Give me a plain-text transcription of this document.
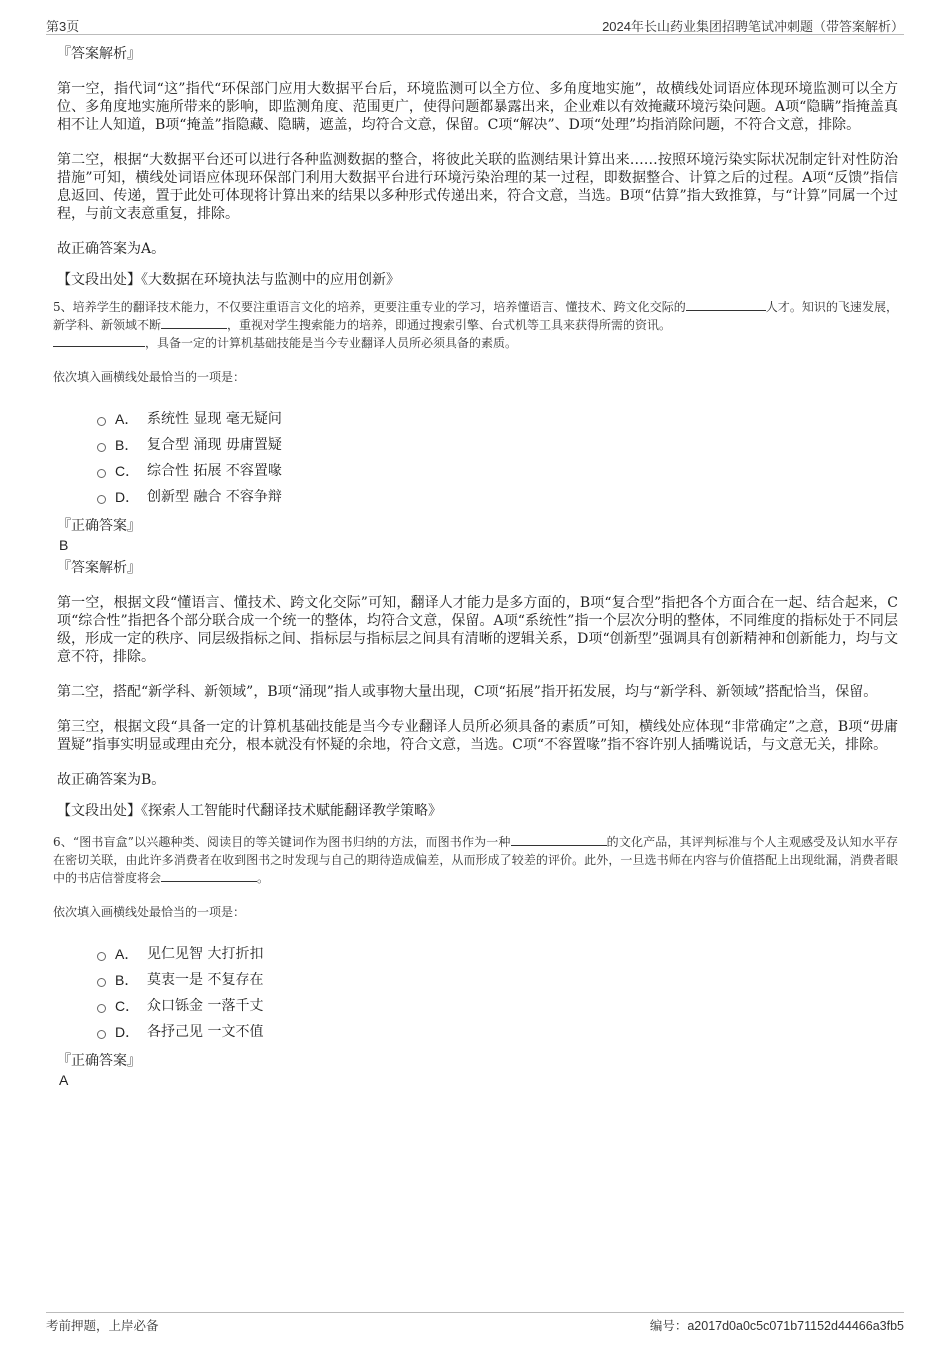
第3页	2024年长山药业集团招聘笔试冲刺题（带答案解析）
『答案解析』

第一空，指代词“这”指代“环保部门应用大数据平台后，环境监测可以全方位、多角度地实施”，故横线处词语应体现环境监测可以全方位、多角度地实施所带来的影响，即监测角度、范围更广，使得问题都暴露出来，企业难以有效掩藏环境污染问题。A项“隐瞒”指掩盖真相不让人知道，B项“掩盖”指隐藏、隐瞒，遮盖，均符合文意，保留。C项“解决”、D项“处理”均指消除问题，不符合文意，排除。

第二空，根据“大数据平台还可以进行各种监测数据的整合，将彼此关联的监测结果计算出来……按照环境污染实际状况制定针对性防治措施”可知，横线处词语应体现环保部门利用大数据平台进行环境污染治理的某一过程，即数据整合、计算之后的过程。A项“反馈”指信息返回、传递，置于此处可体现将计算出来的结果以多种形式传递出来，符合文意，当选。B项“估算”指大致推算，与“计算”同属一个过程，与前文表意重复，排除。

故正确答案为A。

【文段出处】《大数据在环境执法与监测中的应用创新》
5、培养学生的翻译技术能力，不仅要注重语言文化的培养，更要注重专业的学习，培养懂语言、懂技术、跨文化交际的	人才。知识的飞速发展，新学科、新领域不断	，重视对学生搜索能力的培养，即通过搜索引擎、台式机等工具来获得所需的资讯。
，具备一定的计算机基础技能是当今专业翻译人员所必须具备的素质。
依次填入画横线处最恰当的一项是：
A． 系统性 显现 毫无疑问
B． 复合型 涌现 毋庸置疑
C． 综合性 拓展 不容置喙
D． 创新型 融合 不容争辩
『正确答案』
B
『答案解析』

第一空，根据文段“懂语言、懂技术、跨文化交际”可知，翻译人才能力是多方面的，B项“复合型”指把各个方面合在一起、结合起来，C项“综合性”指把各个部分联合成一个统一的整体，均符合文意，保留。A项“系统性”指一个层次分明的整体，不同维度的指标处于不同层级，形成一定的秩序、同层级指标之间、指标层与指标层之间具有清晰的逻辑关系，D项“创新型”强调具有创新精神和创新能力，均与文意不符，排除。

第二空，搭配“新学科、新领域”，B项“涌现”指人或事物大量出现，C项“拓展”指开拓发展，均与“新学科、新领域”搭配恰当，保留。

第三空，根据文段“具备一定的计算机基础技能是当今专业翻译人员所必须具备的素质”可知，横线处应体现“非常确定”之意，B项“毋庸置疑”指事实明显或理由充分，根本就没有怀疑的余地，符合文意，当选。C项“不容置喙”指不容许别人插嘴说话，与文意无关，排除。

故正确答案为B。

【文段出处】《探索人工智能时代翻译技术赋能翻译教学策略》
6、“图书盲盒”以兴趣种类、阅读目的等关键词作为图书归纳的方法，而图书作为一种	的文化产品，其评判标准与个人主观感受及认知水平存在密切关联，由此许多消费者在收到图书之时发现与自己的期待造成偏差，从而形成了较差的评价。此外，一旦选书师在内容与价值搭配上出现纰漏，消费者眼中的书店信誉度将会	。
依次填入画横线处最恰当的一项是：
A． 见仁见智 大打折扣
B． 莫衷一是 不复存在
C． 众口铄金 一落千丈
D． 各抒己见 一文不值
『正确答案』
A
考前押题，上岸必备	编号：a2017d0a0c5c071b71152d44466a3fb5
